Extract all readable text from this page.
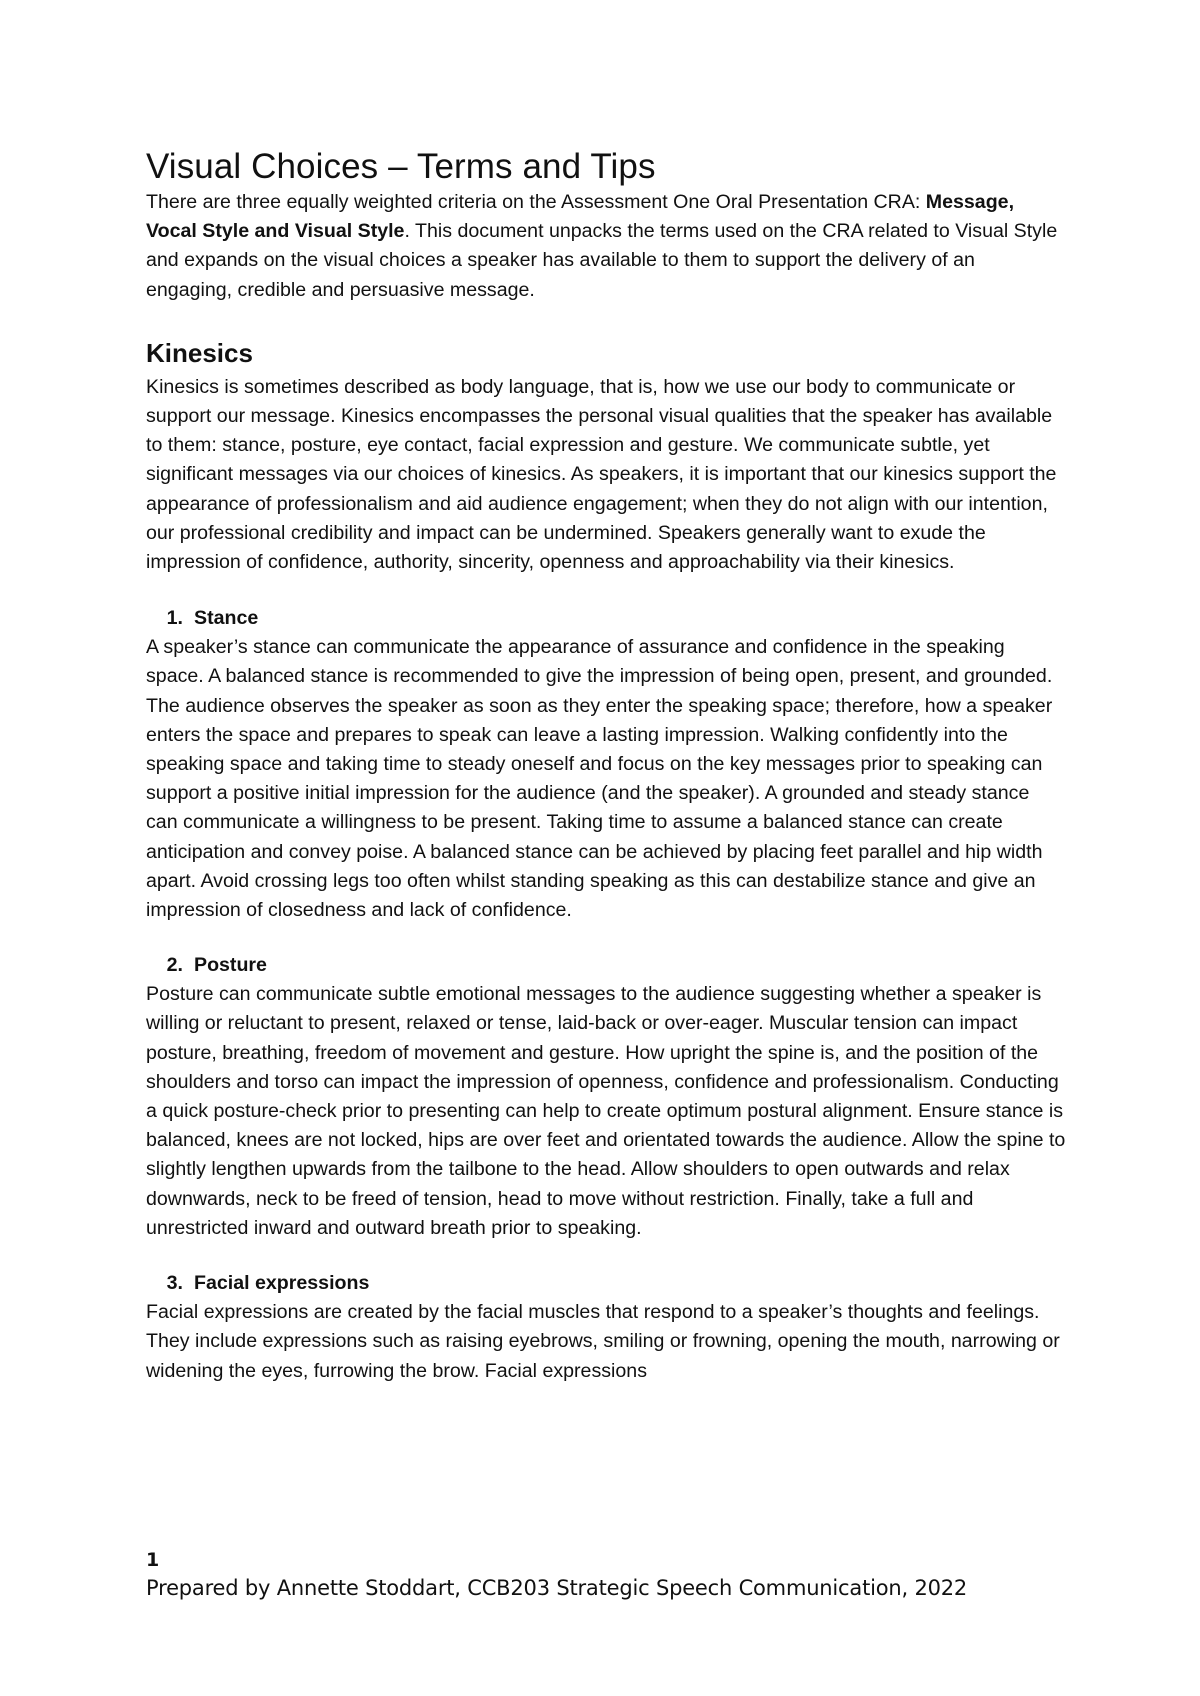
Visual Choices – Terms and Tips

There are three equally weighted criteria on the Assessment One Oral Presentation CRA: Message, Vocal Style and Visual Style. This document unpacks the terms used on the CRA related to Visual Style and expands on the visual choices a speaker has available to them to support the delivery of an engaging, credible and persuasive message.

Kinesics

Kinesics is sometimes described as body language, that is, how we use our body to communicate or support our message. Kinesics encompasses the personal visual qualities that the speaker has available to them: stance, posture, eye contact, facial expression and gesture. We communicate subtle, yet significant messages via our choices of kinesics. As speakers, it is important that our kinesics support the appearance of professionalism and aid audience engagement; when they do not align with our intention, our professional credibility and impact can be undermined. Speakers generally want to exude the impression of confidence, authority, sincerity, openness and approachability via their kinesics.

1. Stance

A speaker’s stance can communicate the appearance of assurance and confidence in the speaking space. A balanced stance is recommended to give the impression of being open, present, and grounded. The audience observes the speaker as soon as they enter the speaking space; therefore, how a speaker enters the space and prepares to speak can leave a lasting impression. Walking confidently into the speaking space and taking time to steady oneself and focus on the key messages prior to speaking can support a positive initial impression for the audience (and the speaker). A grounded and steady stance can communicate a willingness to be present. Taking time to assume a balanced stance can create anticipation and convey poise. A balanced stance can be achieved by placing feet parallel and hip width apart. Avoid crossing legs too often whilst standing speaking as this can destabilize stance and give an impression of closedness and lack of confidence.

2. Posture

Posture can communicate subtle emotional messages to the audience suggesting whether a speaker is willing or reluctant to present, relaxed or tense, laid-back or over-eager. Muscular tension can impact posture, breathing, freedom of movement and gesture. How upright the spine is, and the position of the shoulders and torso can impact the impression of openness, confidence and professionalism. Conducting a quick posture-check prior to presenting can help to create optimum postural alignment. Ensure stance is balanced, knees are not locked, hips are over feet and orientated towards the audience. Allow the spine to slightly lengthen upwards from the tailbone to the head. Allow shoulders to open outwards and relax downwards, neck to be freed of tension, head to move without restriction. Finally, take a full and unrestricted inward and outward breath prior to speaking.

3. Facial expressions

Facial expressions are created by the facial muscles that respond to a speaker’s thoughts and feelings. They include expressions such as raising eyebrows, smiling or frowning, opening the mouth, narrowing or widening the eyes, furrowing the brow. Facial expressions

1
Prepared by Annette Stoddart, CCB203 Strategic Speech Communication, 2022
